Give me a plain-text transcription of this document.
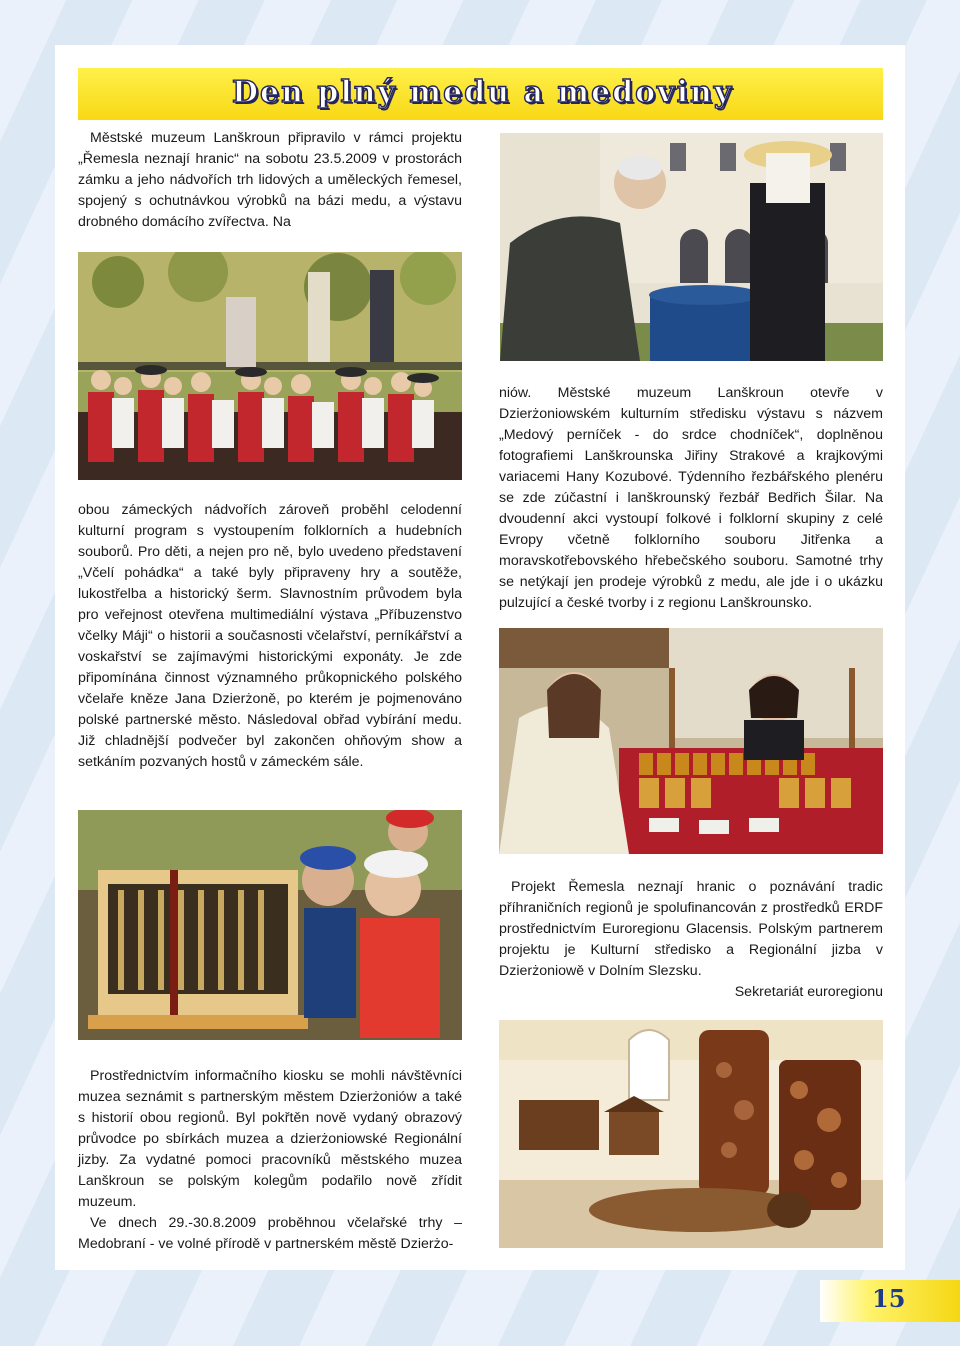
Den plný medu a medoviny

Městské muzeum Lanškroun připravilo v rámci projektu „Řemesla neznají hranic“ na sobotu 23.5.2009 v prostorách zámku a jeho nádvořích trh lidových a uměleckých řemesel, spojený s ochutnávkou výrobků na bázi medu, a výstavu drobného domácího zvířectva. Na

obou zámeckých nádvořích zároveň proběhl celodenní kulturní program s vystoupením folklorních a hudebních souborů. Pro děti, a nejen pro ně, bylo uvedeno představení „Včelí pohádka“ a také byly připraveny hry a soutěže, lukostřelba a historický šerm. Slavnostním průvodem byla pro veřejnost otevřena multimediální výstava „Příbuzenstvo včelky Máji“ o historii a současnosti včelařství, perníkářství a voskařství se zajímavými historickými exponáty. Je zde připomínána činnost významného průkopnického polského včelaře kněze Jana Dzierżoně, po kterém je pojmenováno polské partnerské město. Následoval obřad vybírání medu. Již chladnější podvečer byl zakončen ohňovým show a setkáním pozvaných hostů v zámeckém sále.

Prostřednictvím informačního kiosku se mohli návštěvníci muzea seznámit s partnerským městem Dzierżoniów a také s historií obou regionů. Byl pokřtěn nově vydaný obrazový průvodce po sbírkách muzea a dzierżoniowské Regionální jizby. Za vydatné pomoci pracovníků městského muzea Lanškroun se polským kolegům podařilo nově zřídit muzeum.

Ve dnech 29.-30.8.2009 proběhnou včelařské trhy – Medobraní - ve volné přírodě v partnerském městě Dzierżo-

niów. Městské muzeum Lanškroun otevře v Dzierżoniowském kulturním středisku výstavu s názvem „Medový perníček - do srdce chodníček“, doplněnou fotografiemi Lanškrounska Jiřiny Strakové a krajkovými variacemi Hany Kozubové. Týdenního řezbářského plenéru se zde zúčastní i lanškrounský řezbář Bedřich Šilar. Na dvoudenní akci vystoupí folkové i folklorní skupiny z celé Evropy včetně folklorního souboru Jitřenka a moravskotřebovského hřebečského souboru. Samotné trhy se netýkají jen prodeje výrobků z medu, ale jde i o ukázku pulzující a české tvorby i z regionu Lanškrounsko.

Projekt Řemesla neznají hranic o poznávání tradic příhraničních regionů je spolufinancován z prostředků ERDF prostřednictvím Euroregionu Glacensis. Polským partnerem projektu je Kulturní středisko a Regionální jizba v Dzierżoniowě v Dolním Slezsku.

Sekretariát euroregionu

15
